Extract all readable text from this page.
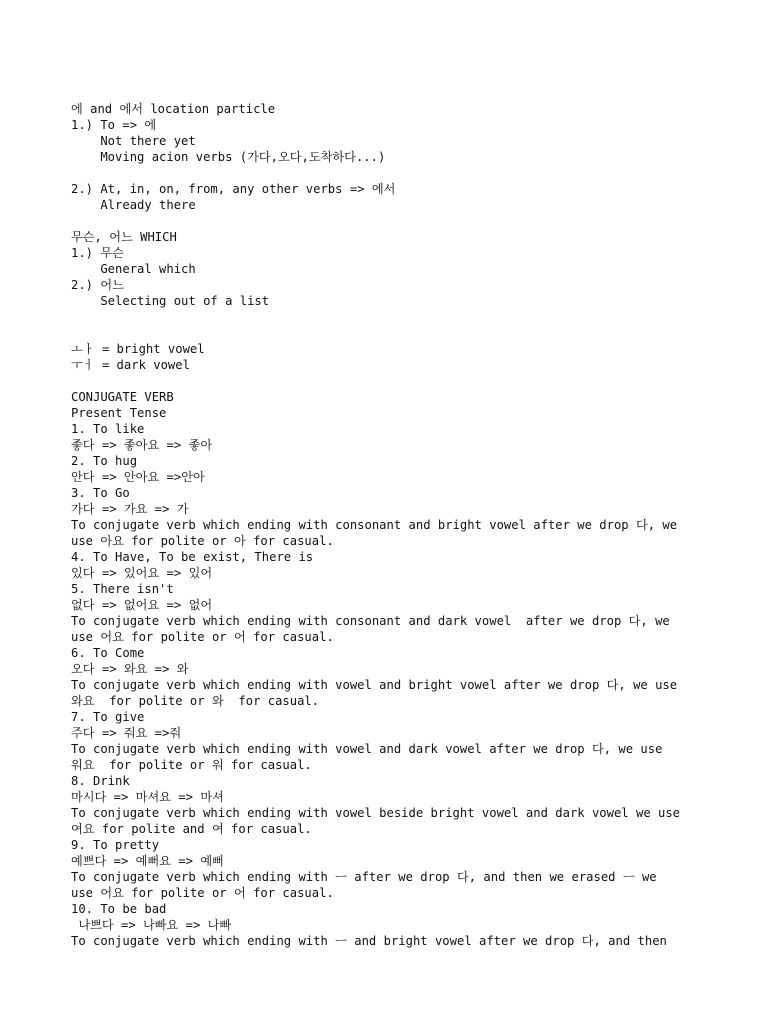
에 and 에서 location particle
1.) To => 에
Not there yet
Moving acion verbs (가다,오다,도착하다...)
2.) At, in, on, from, any other verbs => 에서
Already there
무슨, 어느 WHICH
1.) 무슨
General which
2.) 어느
Selecting out of a list
ㅗㅏ = bright vowel
ㅜㅓ = dark vowel
CONJUGATE VERB
Present Tense
1. To like
좋다 => 좋아요 => 좋아
2. To hug
안다 => 안아요 =>안아
3. To Go
가다 => 가요 => 가
To conjugate verb which ending with consonant and bright vowel after we drop 다, we
use 아요 for polite or 아 for casual.
4. To Have, To be exist, There is
있다 => 있어요 => 있어
5. There isn't
없다 => 없어요 => 없어
To conjugate verb which ending with consonant and dark vowel  after we drop 다, we
use 어요 for polite or 어 for casual.
6. To Come
오다 => 와요 => 와
To conjugate verb which ending with vowel and bright vowel after we drop 다, we use
와요  for polite or 와  for casual.
7. To give
주다 => 줘요 =>줘
To conjugate verb which ending with vowel and dark vowel after we drop 다, we use
워요  for polite or 워 for casual.
8. Drink
마시다 => 마셔요 => 마셔
To conjugate verb which ending with vowel beside bright vowel and dark vowel we use
여요 for polite and 여 for casual.
9. To pretty
예쁘다 => 예뻐요 => 예뻐
To conjugate verb which ending with ㅡ after we drop 다, and then we erased ㅡ we
use 어요 for polite or 어 for casual.
10. To be bad
나쁘다 => 나빠요 => 나빠
To conjugate verb which ending with ㅡ and bright vowel after we drop 다, and then
